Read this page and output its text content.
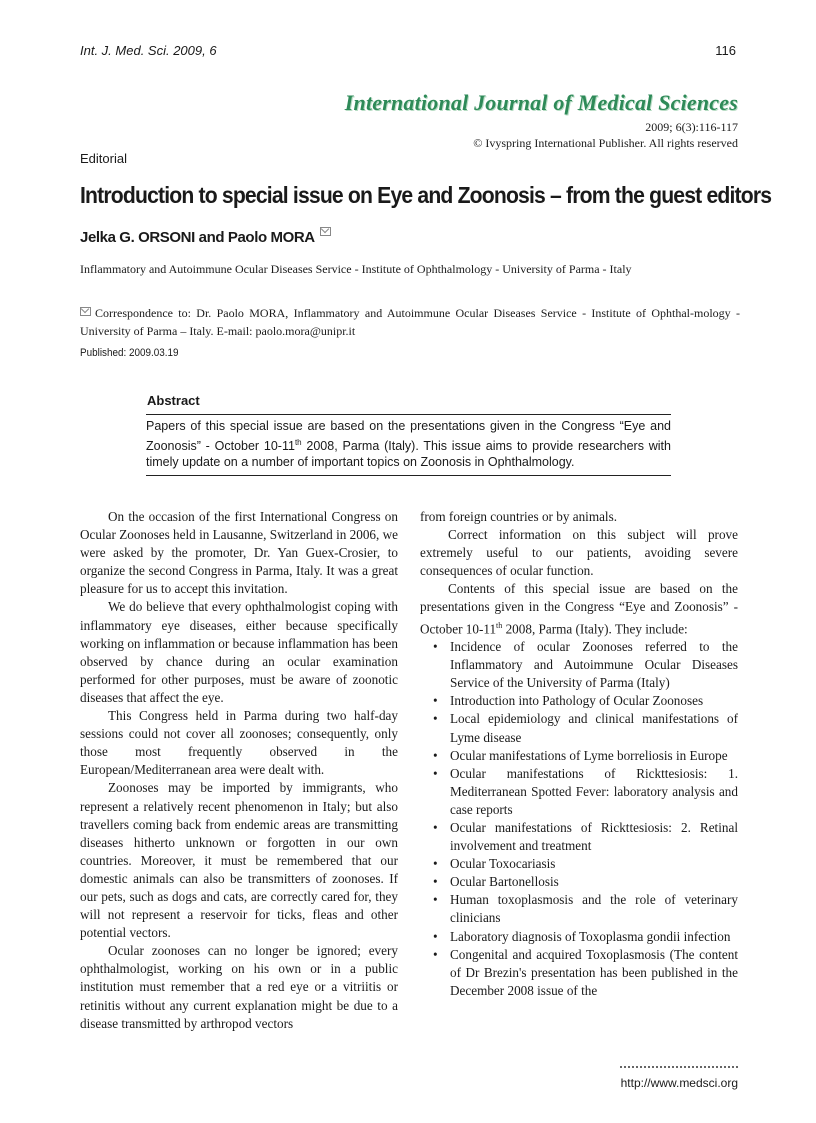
Int. J. Med. Sci. 2009, 6	116
International Journal of Medical Sciences
2009; 6(3):116-117
© Ivyspring International Publisher. All rights reserved
Editorial
Introduction to special issue on Eye and Zoonosis – from the guest editors
Jelka G. ORSONI and Paolo MORA
Inflammatory and Autoimmune Ocular Diseases Service - Institute of Ophthalmology - University of Parma - Italy
Correspondence to: Dr. Paolo MORA, Inflammatory and Autoimmune Ocular Diseases Service - Institute of Ophthal-mology - University of Parma – Italy. E-mail: paolo.mora@unipr.it
Published: 2009.03.19
Abstract
Papers of this special issue are based on the presentations given in the Congress “Eye and Zoonosis” - October 10-11th 2008, Parma (Italy). This issue aims to provide researchers with timely update on a number of important topics on Zoonosis in Ophthalmology.

On the occasion of the first International Congress on Ocular Zoonoses held in Lausanne, Switzerland in 2006, we were asked by the promoter, Dr. Yan Guex-Crosier, to organize the second Congress in Parma, Italy. It was a great pleasure for us to accept this invitation.

We do believe that every ophthalmologist coping with inflammatory eye diseases, either because specifically working on inflammation or because inflammation has been observed by chance during an ocular examination performed for other purposes, must be aware of zoonotic diseases that affect the eye.

This Congress held in Parma during two half-day sessions could not cover all zoonoses; consequently, only those most frequently observed in the European/Mediterranean area were dealt with.

Zoonoses may be imported by immigrants, who represent a relatively recent phenomenon in Italy; but also travellers coming back from endemic areas are transmitting diseases hitherto unknown or forgotten in our own countries. Moreover, it must be remembered that our domestic animals can also be transmitters of zoonoses. If our pets, such as dogs and cats, are correctly cared for, they will not represent a reservoir for ticks, fleas and other potential vectors.

Ocular zoonoses can no longer be ignored; every ophthalmologist, working on his own or in a public institution must remember that a red eye or a vitriitis or retinitis without any current explanation might be due to a disease transmitted by arthropod vectors

from foreign countries or by animals.

Correct information on this subject will prove extremely useful to our patients, avoiding severe consequences of ocular function.

Contents of this special issue are based on the presentations given in the Congress “Eye and Zoonosis” - October 10-11th 2008, Parma (Italy). They include:

• Incidence of ocular Zoonoses referred to the Inflammatory and Autoimmune Ocular Diseases Service of the University of Parma (Italy)
• Introduction into Pathology of Ocular Zoonoses
• Local epidemiology and clinical manifestations of Lyme disease
• Ocular manifestations of Lyme borreliosis in Europe
• Ocular manifestations of Rickttesiosis: 1. Mediterranean Spotted Fever: laboratory analysis and case reports
• Ocular manifestations of Rickttesiosis: 2. Retinal involvement and treatment
• Ocular Toxocariasis
• Ocular Bartonellosis
• Human toxoplasmosis and the role of veterinary clinicians
• Laboratory diagnosis of Toxoplasma gondii infection
• Congenital and acquired Toxoplasmosis (The content of Dr Brezin's presentation has been published in the December 2008 issue of the
http://www.medsci.org
